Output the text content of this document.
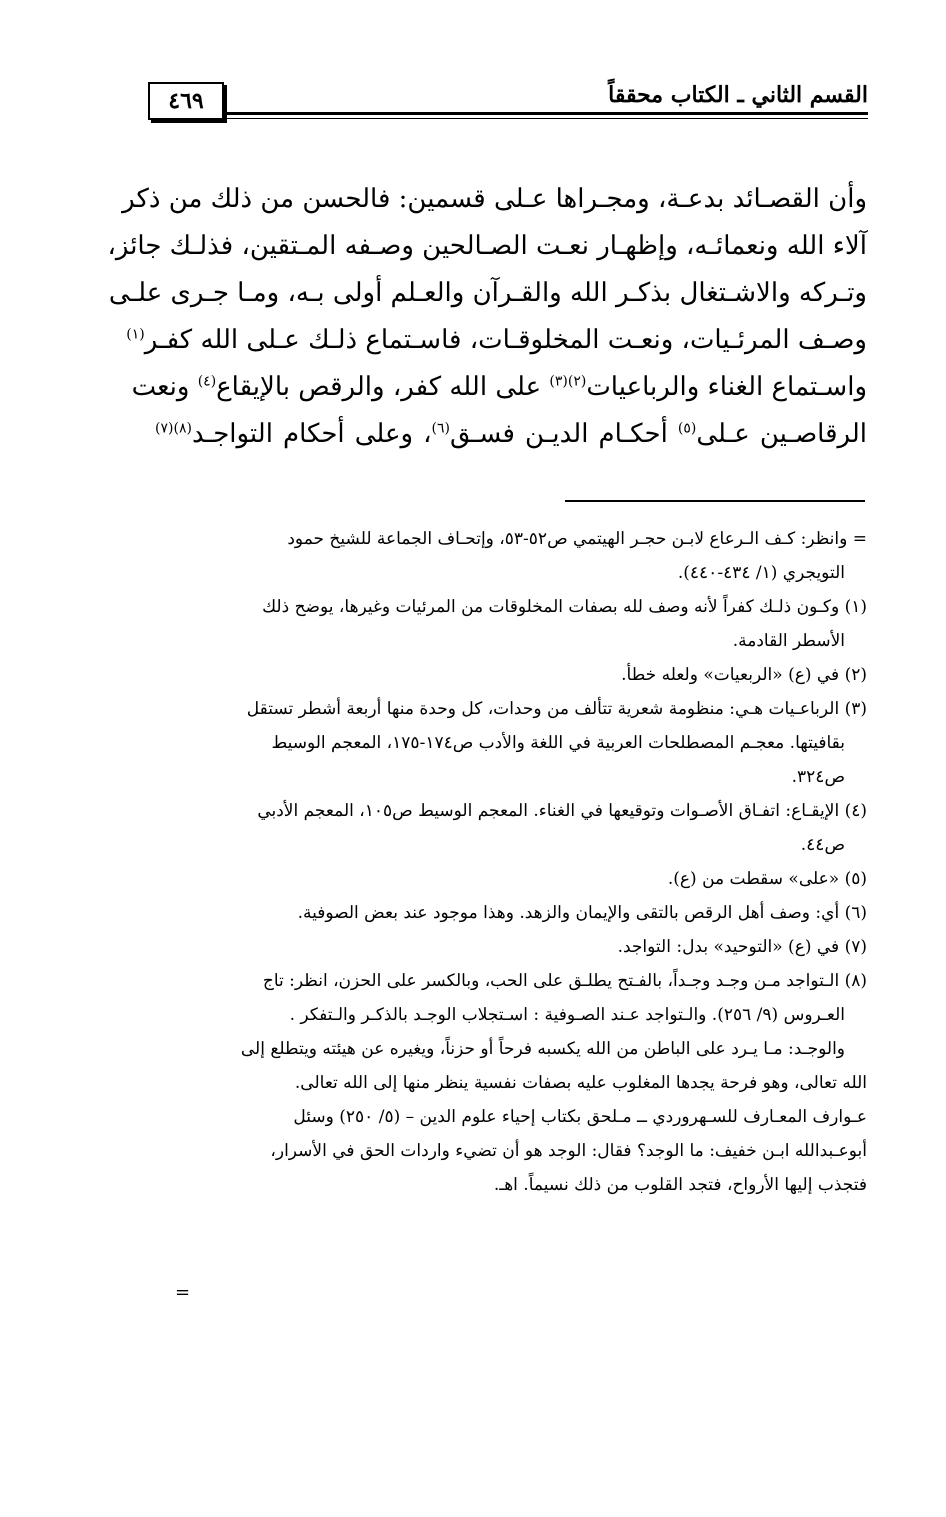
القسم الثاني ـ الكتاب محققاً
٤٦٩
وأن القصـائد بدعـة، ومجـراها عـلى قسمين: فالحسن من ذلك من ذكر
آلاء الله ونعمائـه، وإظهـار نعـت الصـالحين وصـفه المـتقين، فذلـك جائز،
وتـركه والاشـتغال بذكـر الله والقـرآن والعـلم أولى بـه، ومـا جـرى علـى
وصـف المرئـيات، ونعـت المخلوقـات، فاسـتماع ذلـك عـلى الله كفـر$^{(١)}$
واسـتماع الغناء والرباعيات$^{(٢)(٣)}$ على الله كفر، والرقص بالإيقاع$^{(٤)}$ ونعت
الرقاصـين عـلى$^{(٥)}$ أحكـام الديـن فسـق$^{(٦)}$، وعلى أحكام التواجـد$^{(٨)(٧)}$
= وانظر: كـف الـرعاع لابـن حجـر الهيتمي ص٥٢-٥٣، وإتحـاف الجماعة للشيخ حمود
التويجري (١/ ٤٣٤-٤٤٠).
(١) وكـون ذلـك كفراً لأنه وصف لله بصفات المخلوقات من المرئيات وغيرها، يوضح ذلك
الأسطر القادمة.
(٢) في (ع) «الربعيات» ولعله خطأ.
(٣) الرباعـيات هـي: منظومة شعرية تتألف من وحدات، كل وحدة منها أربعة أشطر تستقل
بقافيتها. معجـم المصطلحات العربية في اللغة والأدب ص١٧٤-١٧٥، المعجم الوسيط
ص٣٢٤.
(٤) الإيقـاع: اتفـاق الأصـوات وتوقيعها في الغناء. المعجم الوسيط ص١٠٥، المعجم الأدبي
ص٤٤.
(٥) «على» سقطت من (ع).
(٦) أي: وصف أهل الرقص بالتقى والإيمان والزهد. وهذا موجود عند بعض الصوفية.
(٧) في (ع) «التوحيد» بدل: التواجد.
(٨) الـتواجد مـن وجـد وجـداً، بالفـتح يطلـق على الحب، وبالكسر على الحزن، انظر: تاج
العـروس (٩/ ٢٥٦). والـتواجد عـند الصـوفية : اسـتجلاب الوجـد بالذكـر والـتفكر .
والوجـد: مـا يـرد على الباطن من الله يكسبه فرحاً أو حزناً، ويغيره عن هيئته ويتطلع إلى
الله تعالى، وهو فرحة يجدها المغلوب عليه بصفات نفسية ينظر منها إلى الله تعالى.
عـوارف المعـارف للسـهروردي ــ مـلحق بكتاب إحياء علوم الدين – (٥/ ٢٥٠) وسئل
أبوعـبدالله ابـن خفيف: ما الوجد؟ فقال: الوجد هو أن تضيء واردات الحق في الأسرار،
فتجذب إليها الأرواح، فتجد القلوب من ذلك نسيماً. اهـ.
=
